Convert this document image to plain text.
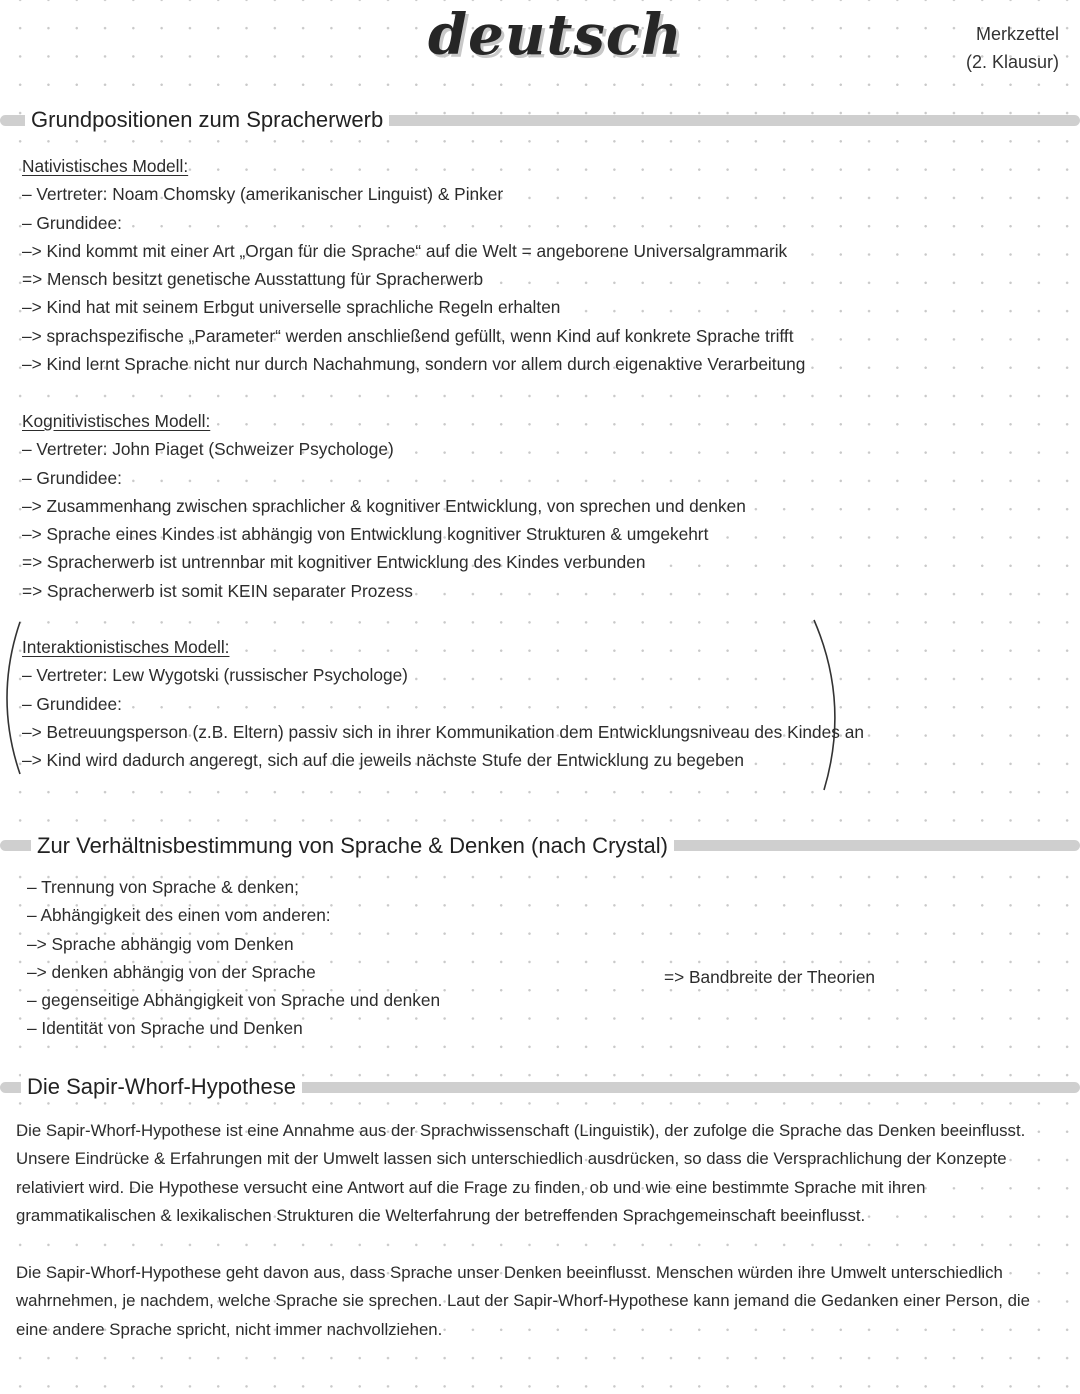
deutsch	Merkzettel
(2. Klausur)
Grundpositionen zum Spracherwerb
Nativistisches Modell:
– Vertreter: Noam Chomsky (amerikanischer Linguist) & Pinker
– Grundidee:
–> Kind kommt mit einer Art „Organ für die Sprache“ auf die Welt = angeborene Universalgrammarik
=> Mensch besitzt genetische Ausstattung für Spracherwerb
–> Kind hat mit seinem Erbgut universelle sprachliche Regeln erhalten
–> sprachspezifische „Parameter“ werden anschließend gefüllt, wenn Kind auf konkrete Sprache trifft
–> Kind lernt Sprache nicht nur durch Nachahmung, sondern vor allem durch eigenaktive Verarbeitung
Kognitivistisches Modell:
– Vertreter: John Piaget (Schweizer Psychologe)
– Grundidee:
–> Zusammenhang zwischen sprachlicher & kognitiver Entwicklung, von sprechen und denken
–> Sprache eines Kindes ist abhängig von Entwicklung kognitiver Strukturen & umgekehrt
=> Spracherwerb ist untrennbar mit kognitiver Entwicklung des Kindes verbunden
=> Spracherwerb ist somit KEIN separater Prozess
Interaktionistisches Modell:
– Vertreter: Lew Wygotski (russischer Psychologe)
– Grundidee:
–> Betreuungsperson (z.B. Eltern) passiv sich in ihrer Kommunikation dem Entwicklungsniveau des Kindes an
–> Kind wird dadurch angeregt, sich auf die jeweils nächste Stufe der Entwicklung zu begeben
Zur Verhältnisbestimmung von Sprache & Denken (nach Crystal)
– Trennung von Sprache & denken;
– Abhängigkeit des einen vom anderen:
–> Sprache abhängig vom Denken
–> denken abhängig von der Sprache
– gegenseitige Abhängigkeit von Sprache und denken
– Identität von Sprache und Denken
=> Bandbreite der Theorien
Die Sapir-Whorf-Hypothese
Die Sapir-Whorf-Hypothese ist eine Annahme aus der Sprachwissenschaft (Linguistik), der zufolge die Sprache das Denken beeinflusst. Unsere Eindrücke & Erfahrungen mit der Umwelt lassen sich unterschiedlich ausdrücken, so dass die Versprachlichung der Konzepte relativiert wird. Die Hypothese versucht eine Antwort auf die Frage zu finden, ob und wie eine bestimmte Sprache mit ihren grammatikalischen & lexikalischen Strukturen die Welterfahrung der betreffenden Sprachgemeinschaft beeinflusst.
Die Sapir-Whorf-Hypothese geht davon aus, dass Sprache unser Denken beeinflusst. Menschen würden ihre Umwelt unterschiedlich wahrnehmen, je nachdem, welche Sprache sie sprechen. Laut der Sapir-Whorf-Hypothese kann jemand die Gedanken einer Person, die eine andere Sprache spricht, nicht immer nachvollziehen.
